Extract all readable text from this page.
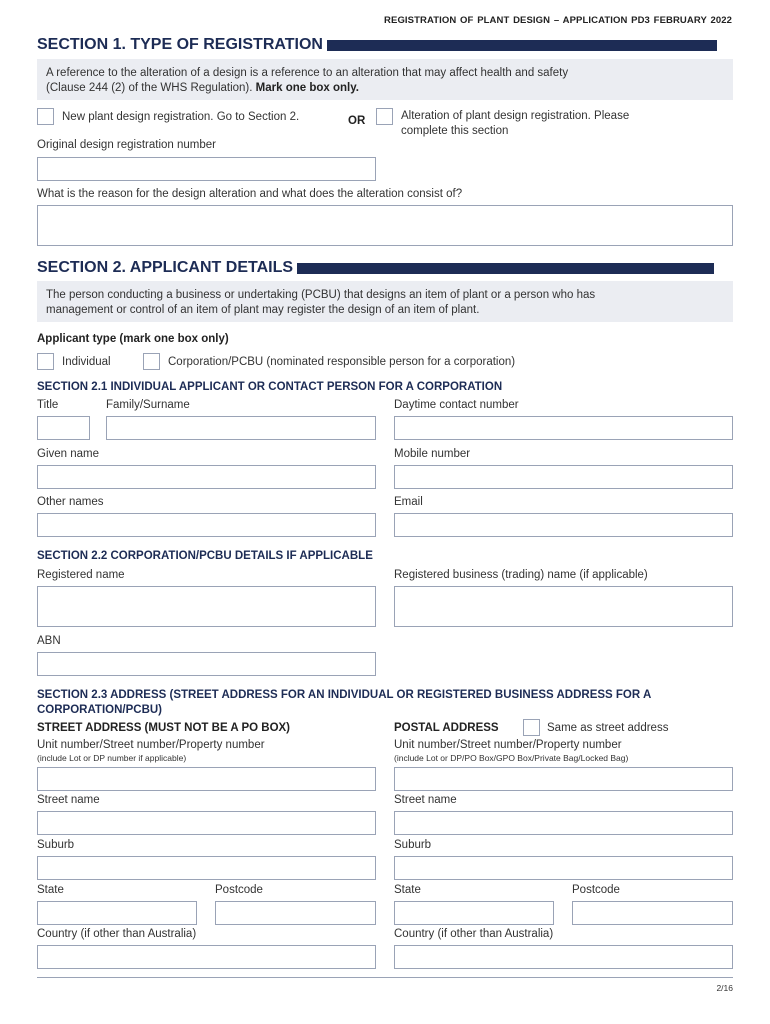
REGISTRATION OF PLANT DESIGN – APPLICATION PD3 FEBRUARY 2022
SECTION 1. TYPE OF REGISTRATION
A reference to the alteration of a design is a reference to an alteration that may affect health and safety
(Clause 244 (2) of the WHS Regulation). Mark one box only.
New plant design registration. Go to Section 2.	OR	Alteration of plant design registration. Please
complete this section
Original design registration number
What is the reason for the design alteration and what does the alteration consist of?
SECTION 2. APPLICANT DETAILS
The person conducting a business or undertaking (PCBU) that designs an item of plant or a person who has
management or control of an item of plant may register the design of an item of plant.
Applicant type (mark one box only)
Individual	Corporation/PCBU (nominated responsible person for a corporation)
SECTION 2.1 INDIVIDUAL APPLICANT OR CONTACT PERSON FOR A CORPORATION
Title	Family/Surname	Daytime contact number
Given name	Mobile number
Other names	Email
SECTION 2.2 CORPORATION/PCBU DETAILS IF APPLICABLE
Registered name	Registered business (trading) name (if applicable)
ABN
SECTION 2.3 ADDRESS (STREET ADDRESS FOR AN INDIVIDUAL OR REGISTERED BUSINESS ADDRESS FOR A
CORPORATION/PCBU)
STREET ADDRESS (MUST NOT BE A PO BOX)	POSTAL ADDRESS	Same as street address
Unit number/Street number/Property number	Unit number/Street number/Property number
(include Lot or DP number if applicable)	(include Lot or DP/PO Box/GPO Box/Private Bag/Locked Bag)
Street name	Street name
Suburb	Suburb
State	Postcode	State	Postcode
Country (if other than Australia)	Country (if other than Australia)
2/16
